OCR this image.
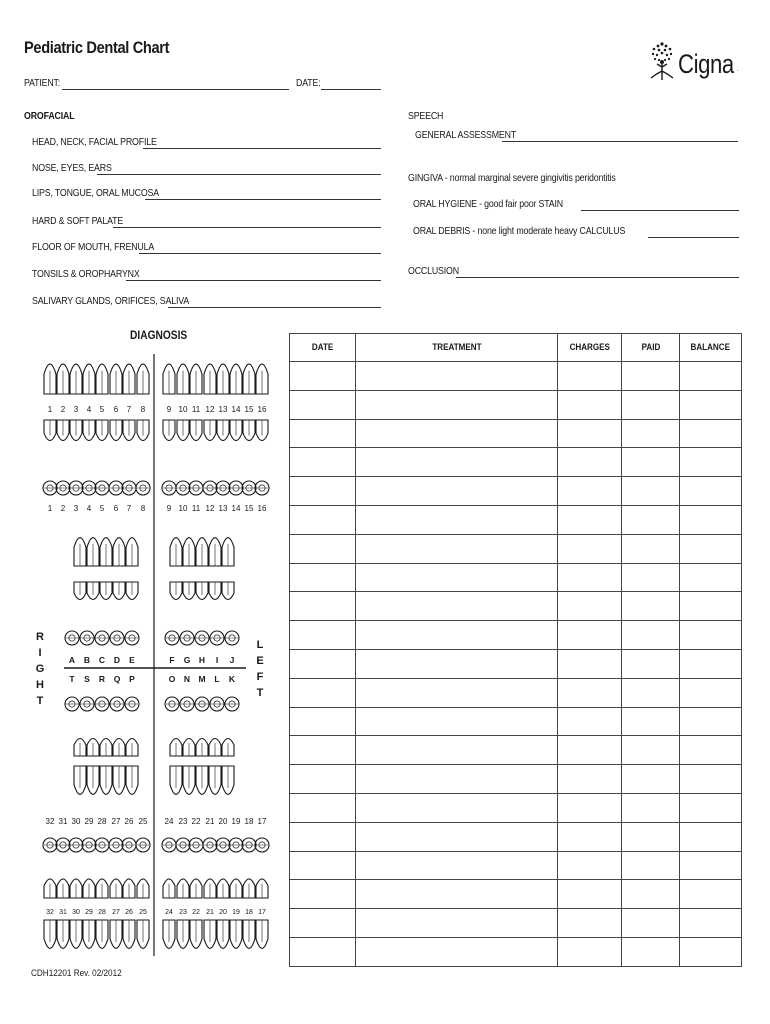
Pediatric Dental Chart
Cigna .
PATIENT:	DATE:
OROFACIAL
HEAD, NECK, FACIAL PROFILE
NOSE, EYES, EARS
LIPS, TONGUE, ORAL MUCOSA
HARD & SOFT PALATE
FLOOR OF MOUTH, FRENULA
TONSILS & OROPHARYNX
SALIVARY GLANDS, ORIFICES, SALIVA
SPEECH
GENERAL ASSESSMENT
GINGIVA - normal marginal severe gingivitis peridontitis
ORAL HYGIENE - good fair poor STAIN
ORAL DEBRIS - none light moderate heavy CALCULUS
OCCLUSION
DIAGNOSIS
R
I
G
H
T
L
E
F
T
1 2 3 4 5 6 7 8	9 10 11 12 13 14 15 16
1 2 3 4 5 6 7 8	9 10 11 12 13 14 15 16
A B C D E	F G H I J
T S R Q P	O N M L K
32 31 30 29 28 27 26 25 24 23 22 21 20 19 18 17
32 31 30 29 28 27 26 25	24 23 22 21 20 19 18 17
DATE	TREATMENT	CHARGES	PAID	BALANCE

CDH12201 Rev. 02/2012
